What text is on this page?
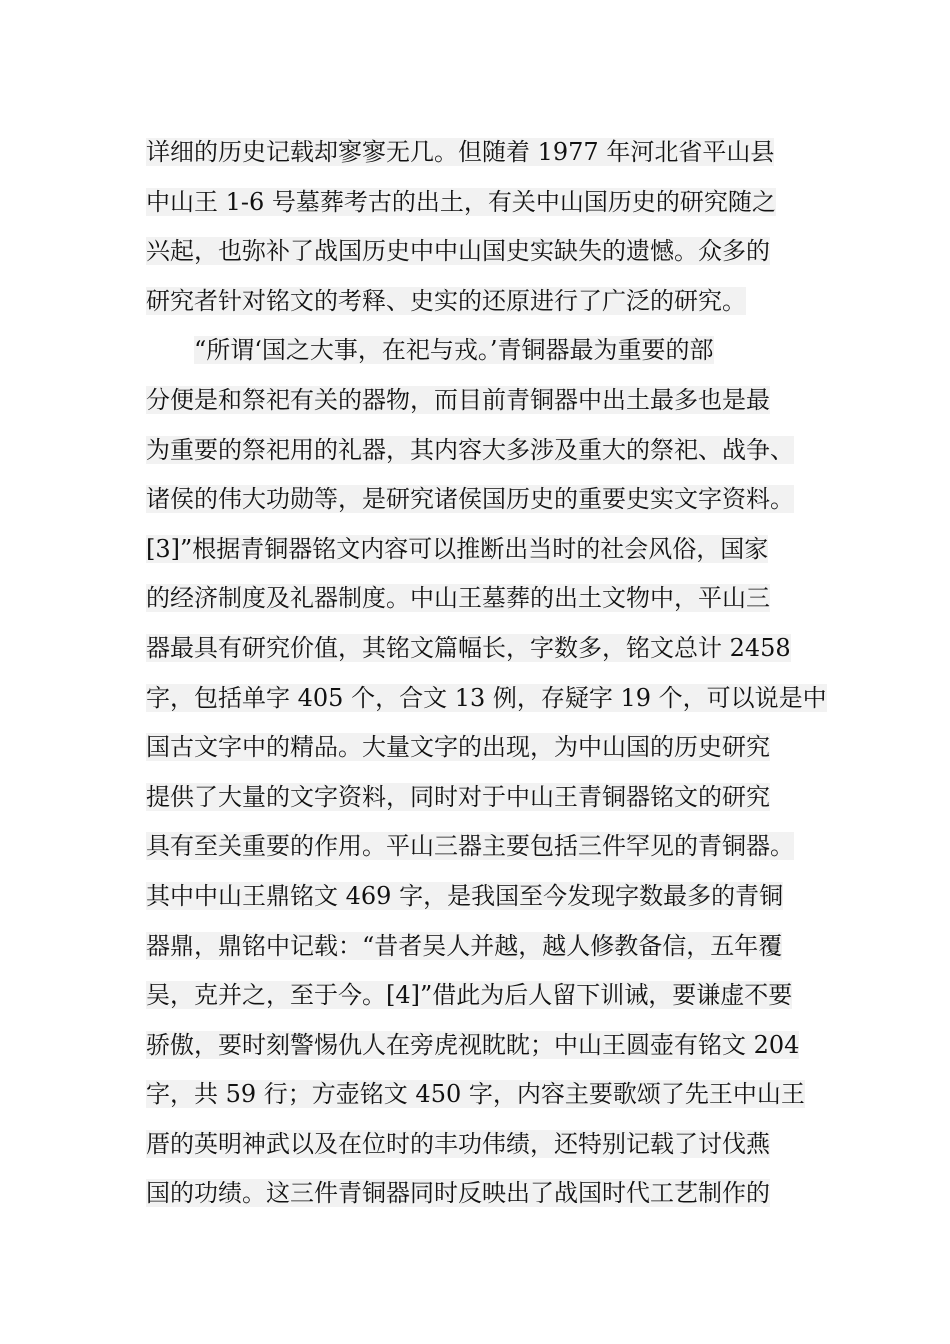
详细的历史记载却寥寥无几。但随着 1977 年河北省平山县
中山王 1-6 号墓葬考古的出土，有关中山国历史的研究随之
兴起，也弥补了战国历史中中山国史实缺失的遗憾。众多的
研究者针对铭文的考释、史实的还原进行了广泛的研究。
“所谓‘国之大事，在祀与戎。’青铜器最为重要的部
分便是和祭祀有关的器物，而目前青铜器中出土最多也是最
为重要的祭祀用的礼器，其内容大多涉及重大的祭祀、战争、
诸侯的伟大功勋等，是研究诸侯国历史的重要史实文字资料。
[3]”根据青铜器铭文内容可以推断出当时的社会风俗，国家
的经济制度及礼器制度。中山王墓葬的出土文物中，平山三
器最具有研究价值，其铭文篇幅长，字数多，铭文总计 2458
字，包括单字 405 个，合文 13 例，存疑字 19 个，可以说是中
国古文字中的精品。大量文字的出现，为中山国的历史研究
提供了大量的文字资料，同时对于中山王青铜器铭文的研究
具有至关重要的作用。平山三器主要包括三件罕见的青铜器。
其中中山王鼎铭文 469 字，是我国至今发现字数最多的青铜
器鼎，鼎铭中记载：“昔者吴人并越，越人修教备信，五年覆
吴，克并之，至于今。[4]”借此为后人留下训诫，要谦虚不要
骄傲，要时刻警惕仇人在旁虎视眈眈；中山王圆壶有铭文 204
字，共 59 行；方壶铭文 450 字，内容主要歌颂了先王中山王
厝的英明神武以及在位时的丰功伟绩，还特别记载了讨伐燕
国的功绩。这三件青铜器同时反映出了战国时代工艺制作的
